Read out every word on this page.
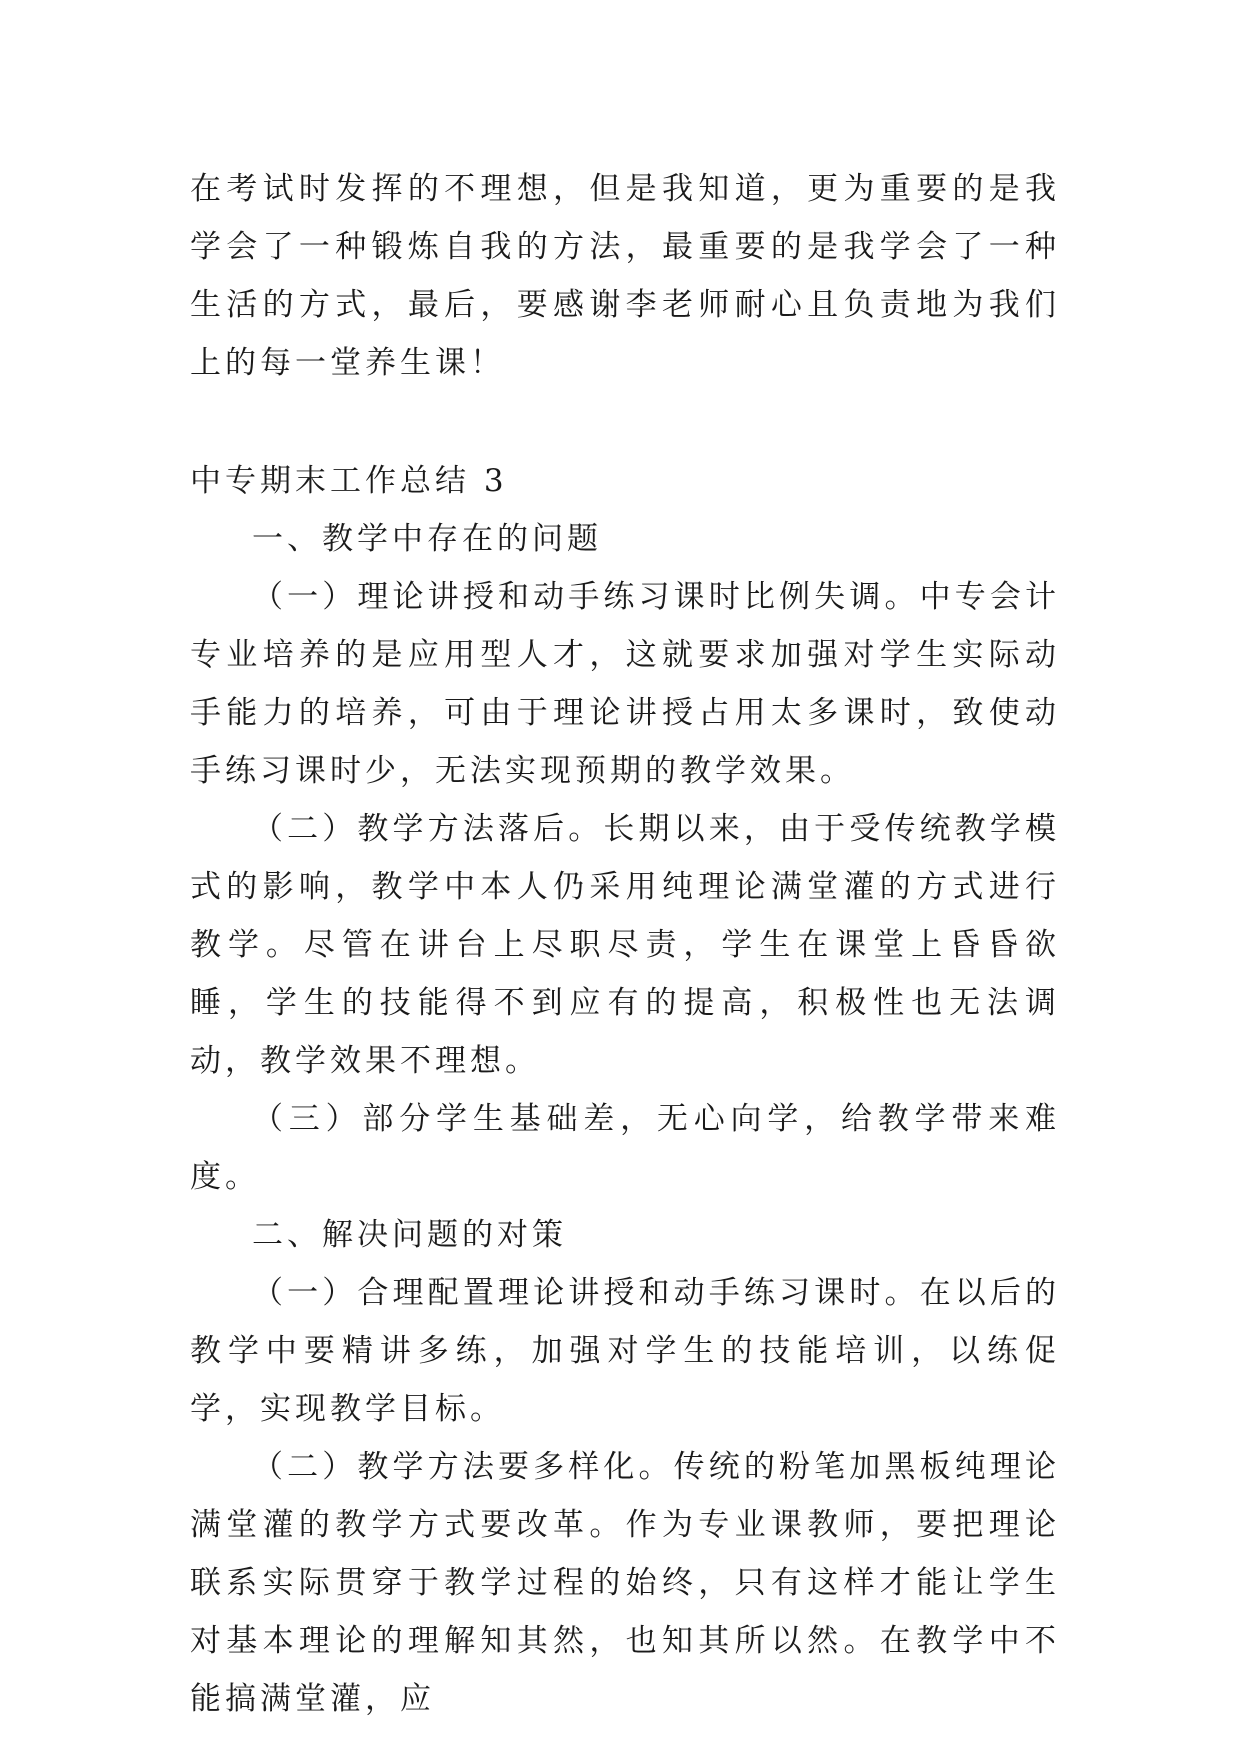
在考试时发挥的不理想，但是我知道，更为重要的是我学会了一种锻炼自我的方法，最重要的是我学会了一种生活的方式，最后，要感谢李老师耐心且负责地为我们上的每一堂养生课！

中专期末工作总结 3

一、教学中存在的问题

（一）理论讲授和动手练习课时比例失调。中专会计专业培养的是应用型人才，这就要求加强对学生实际动手能力的培养，可由于理论讲授占用太多课时，致使动手练习课时少，无法实现预期的教学效果。

（二）教学方法落后。长期以来，由于受传统教学模式的影响，教学中本人仍采用纯理论满堂灌的方式进行教学。尽管在讲台上尽职尽责，学生在课堂上昏昏欲睡，学生的技能得不到应有的提高，积极性也无法调动，教学效果不理想。

（三）部分学生基础差，无心向学，给教学带来难度。

二、解决问题的对策

（一）合理配置理论讲授和动手练习课时。在以后的教学中要精讲多练，加强对学生的技能培训，以练促学，实现教学目标。

（二）教学方法要多样化。传统的粉笔加黑板纯理论满堂灌的教学方式要改革。作为专业课教师，要把理论联系实际贯穿于教学过程的始终，只有这样才能让学生对基本理论的理解知其然，也知其所以然。在教学中不能搞满堂灌，应
